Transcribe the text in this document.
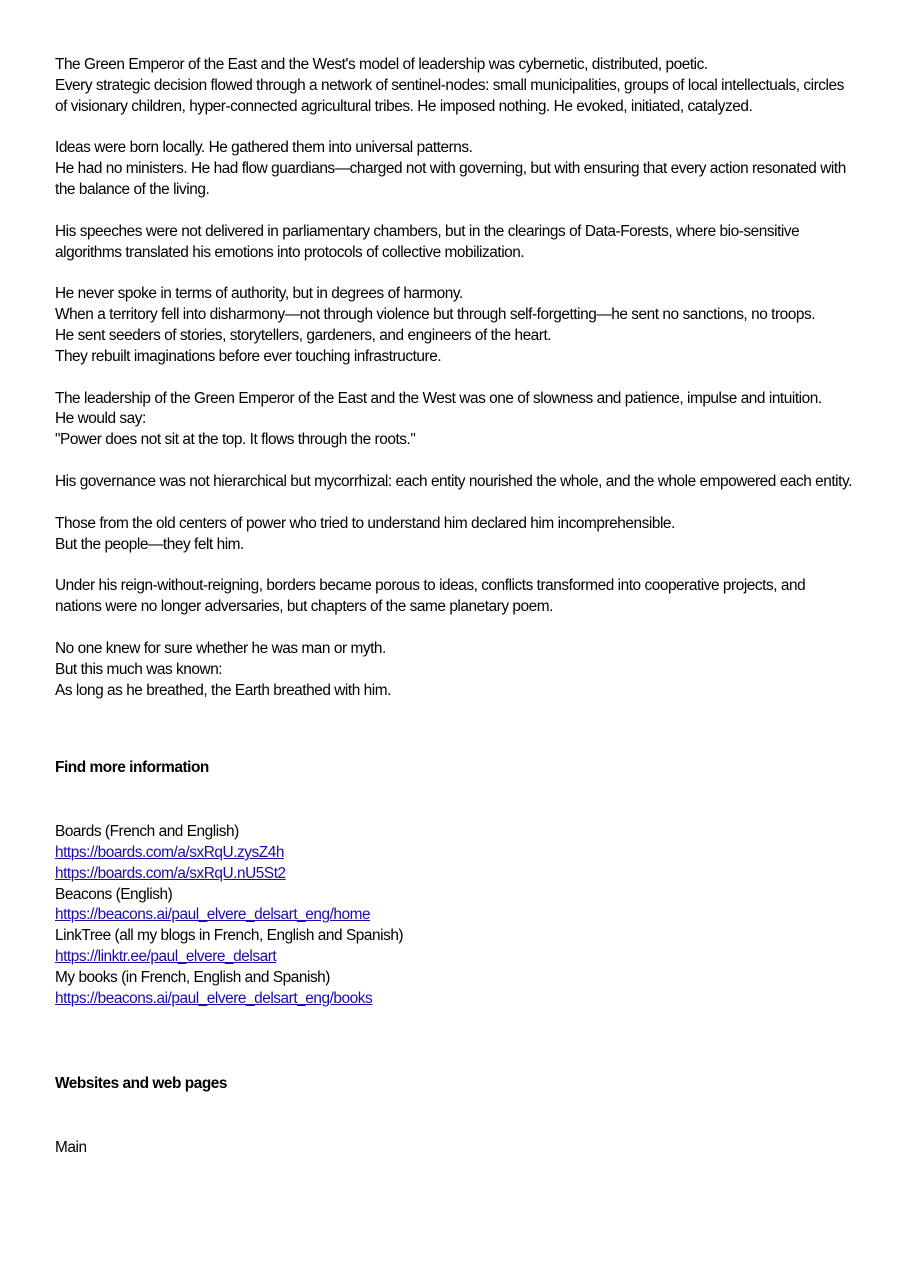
The Green Emperor of the East and the West's model of leadership was cybernetic, distributed, poetic.
Every strategic decision flowed through a network of sentinel-nodes: small municipalities, groups of local intellectuals, circles of visionary children, hyper-connected agricultural tribes. He imposed nothing. He evoked, initiated, catalyzed.
Ideas were born locally. He gathered them into universal patterns.
He had no ministers. He had flow guardians—charged not with governing, but with ensuring that every action resonated with the balance of the living.
His speeches were not delivered in parliamentary chambers, but in the clearings of Data-Forests, where bio-sensitive algorithms translated his emotions into protocols of collective mobilization.
He never spoke in terms of authority, but in degrees of harmony.
When a territory fell into disharmony—not through violence but through self-forgetting—he sent no sanctions, no troops.
He sent seeders of stories, storytellers, gardeners, and engineers of the heart.
They rebuilt imaginations before ever touching infrastructure.
The leadership of the Green Emperor of the East and the West was one of slowness and patience, impulse and intuition.
He would say:
"Power does not sit at the top. It flows through the roots."
His governance was not hierarchical but mycorrhizal: each entity nourished the whole, and the whole empowered each entity.
Those from the old centers of power who tried to understand him declared him incomprehensible.
But the people—they felt him.
Under his reign-without-reigning, borders became porous to ideas, conflicts transformed into cooperative projects, and nations were no longer adversaries, but chapters of the same planetary poem.
No one knew for sure whether he was man or myth.
But this much was known:
As long as he breathed, the Earth breathed with him.
Find more information
Boards (French and English)
https://boards.com/a/sxRqU.zysZ4h
https://boards.com/a/sxRqU.nU5St2
Beacons (English)
https://beacons.ai/paul_elvere_delsart_eng/home
LinkTree (all my blogs in French, English and Spanish)
https://linktr.ee/paul_elvere_delsart
My books (in French, English and Spanish)
https://beacons.ai/paul_elvere_delsart_eng/books
Websites and web pages
Main
